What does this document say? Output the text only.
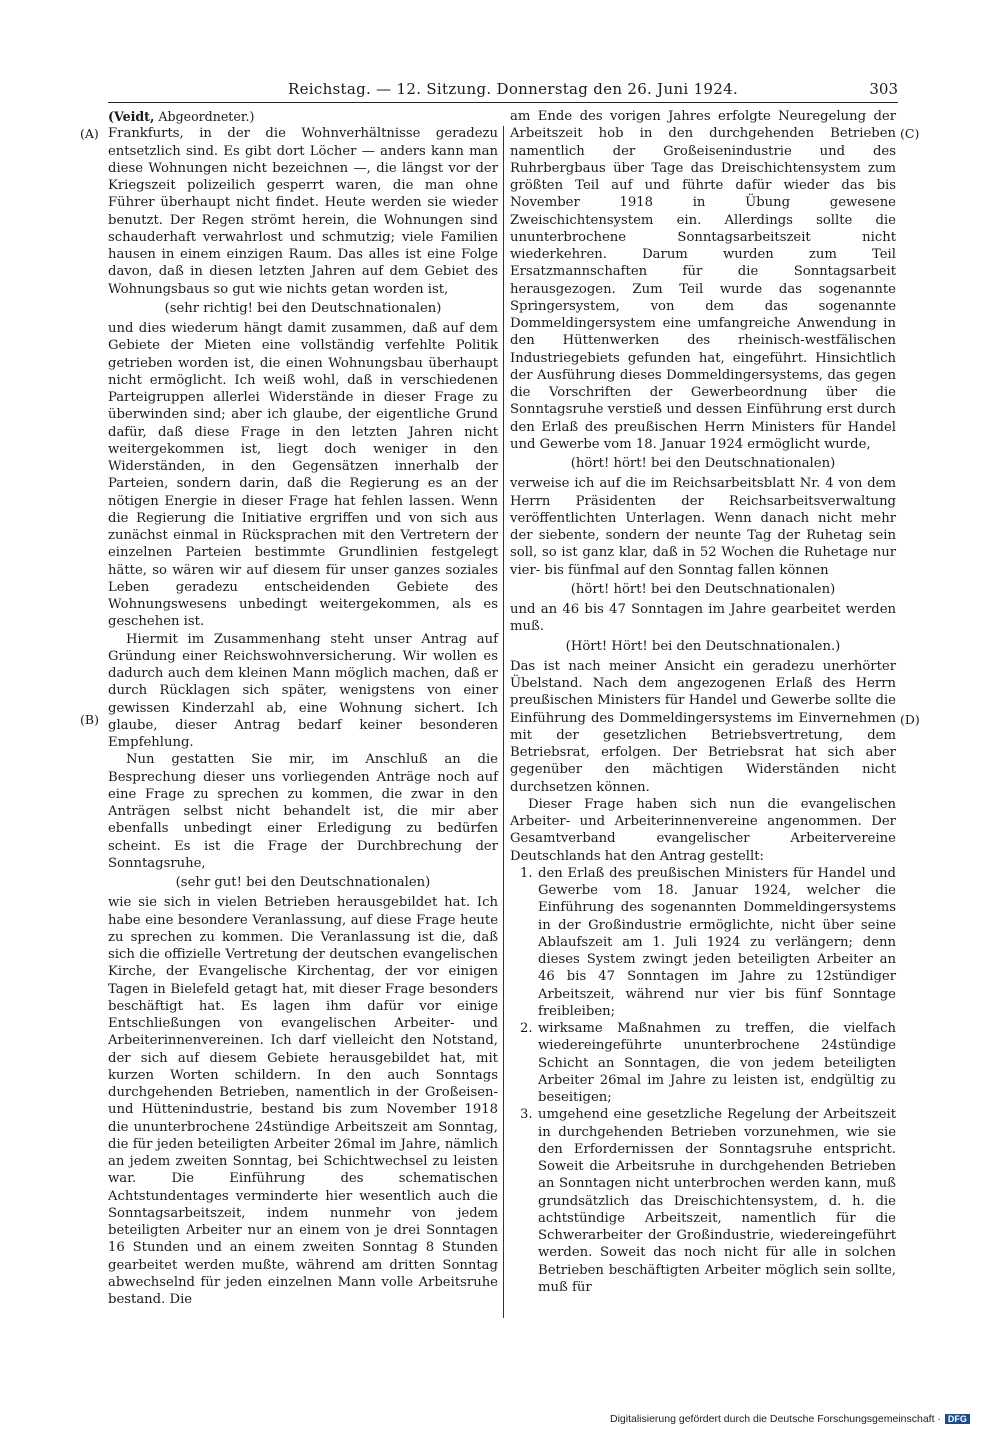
Reichstag. — 12. Sitzung. Donnerstag den 26. Juni 1924.	303
(A)
(B)
(C)
(D)

(Veidt, Abgeordneter.)

Frankfurts, in der die Wohnverhältnisse geradezu entsetzlich sind. Es gibt dort Löcher — anders kann man diese Wohnungen nicht bezeichnen —, die längst vor der Kriegszeit polizeilich gesperrt waren, die man ohne Führer überhaupt nicht findet. Heute werden sie wieder benutzt. Der Regen strömt herein, die Wohnungen sind schauderhaft verwahrlost und schmutzig; viele Familien hausen in einem einzigen Raum. Das alles ist eine Folge davon, daß in diesen letzten Jahren auf dem Gebiet des Wohnungsbaus so gut wie nichts getan worden ist,

(sehr richtig! bei den Deutschnationalen)

und dies wiederum hängt damit zusammen, daß auf dem Gebiete der Mieten eine vollständig verfehlte Politik getrieben worden ist, die einen Wohnungsbau überhaupt nicht ermöglicht. Ich weiß wohl, daß in verschiedenen Parteigruppen allerlei Widerstände in dieser Frage zu überwinden sind; aber ich glaube, der eigentliche Grund dafür, daß diese Frage in den letzten Jahren nicht weitergekommen ist, liegt doch weniger in den Widerständen, in den Gegensätzen innerhalb der Parteien, sondern darin, daß die Regierung es an der nötigen Energie in dieser Frage hat fehlen lassen. Wenn die Regierung die Initiative ergriffen und von sich aus zunächst einmal in Rücksprachen mit den Vertretern der einzelnen Parteien bestimmte Grundlinien festgelegt hätte, so wären wir auf diesem für unser ganzes soziales Leben geradezu entscheidenden Gebiete des Wohnungswesens unbedingt weitergekommen, als es geschehen ist.

Hiermit im Zusammenhang steht unser Antrag auf Gründung einer Reichswohnversicherung. Wir wollen es dadurch auch dem kleinen Mann möglich machen, daß er durch Rücklagen sich später, wenigstens von einer gewissen Kinderzahl ab, eine Wohnung sichert. Ich glaube, dieser Antrag bedarf keiner besonderen Empfehlung.

Nun gestatten Sie mir, im Anschluß an die Besprechung dieser uns vorliegenden Anträge noch auf eine Frage zu sprechen zu kommen, die zwar in den Anträgen selbst nicht behandelt ist, die mir aber ebenfalls unbedingt einer Erledigung zu bedürfen scheint. Es ist die Frage der Durchbrechung der Sonntagsruhe,

(sehr gut! bei den Deutschnationalen)

wie sie sich in vielen Betrieben herausgebildet hat. Ich habe eine besondere Veranlassung, auf diese Frage heute zu sprechen zu kommen. Die Veranlassung ist die, daß sich die offizielle Vertretung der deutschen evangelischen Kirche, der Evangelische Kirchentag, der vor einigen Tagen in Bielefeld getagt hat, mit dieser Frage besonders beschäftigt hat. Es lagen ihm dafür vor einige Entschließungen von evangelischen Arbeiter- und Arbeiterinnenvereinen. Ich darf vielleicht den Notstand, der sich auf diesem Gebiete herausgebildet hat, mit kurzen Worten schildern. In den auch Sonntags durchgehenden Betrieben, namentlich in der Großeisen- und Hüttenindustrie, bestand bis zum November 1918 die ununterbrochene 24stündige Arbeitszeit am Sonntag, die für jeden beteiligten Arbeiter 26mal im Jahre, nämlich an jedem zweiten Sonntag, bei Schichtwechsel zu leisten war. Die Einführung des schematischen Achtstundentages verminderte hier wesentlich auch die Sonntagsarbeitszeit, indem nunmehr von jedem beteiligten Arbeiter nur an einem von je drei Sonntagen 16 Stunden und an einem zweiten Sonntag 8 Stunden gearbeitet werden mußte, während am dritten Sonntag abwechselnd für jeden einzelnen Mann volle Arbeitsruhe bestand. Die

am Ende des vorigen Jahres erfolgte Neuregelung der Arbeitszeit hob in den durchgehenden Betrieben namentlich der Großeisenindustrie und des Ruhrbergbaus über Tage das Dreischichtensystem zum größten Teil auf und führte dafür wieder das bis November 1918 in Übung gewesene Zweischichtensystem ein. Allerdings sollte die ununterbrochene Sonntagsarbeitszeit nicht wiederkehren. Darum wurden zum Teil Ersatzmannschaften für die Sonntagsarbeit herausgezogen. Zum Teil wurde das sogenannte Springersystem, von dem das sogenannte Dommeldingersystem eine umfangreiche Anwendung in den Hüttenwerken des rheinisch-westfälischen Industriegebiets gefunden hat, eingeführt. Hinsichtlich der Ausführung dieses Dommeldingersystems, das gegen die Vorschriften der Gewerbeordnung über die Sonntagsruhe verstieß und dessen Einführung erst durch den Erlaß des preußischen Herrn Ministers für Handel und Gewerbe vom 18. Januar 1924 ermöglicht wurde,

(hört! hört! bei den Deutschnationalen)

verweise ich auf die im Reichsarbeitsblatt Nr. 4 von dem Herrn Präsidenten der Reichsarbeitsverwaltung veröffentlichten Unterlagen. Wenn danach nicht mehr der siebente, sondern der neunte Tag der Ruhetag sein soll, so ist ganz klar, daß in 52 Wochen die Ruhetage nur vier- bis fünfmal auf den Sonntag fallen können

(hört! hört! bei den Deutschnationalen)

und an 46 bis 47 Sonntagen im Jahre gearbeitet werden muß.

(Hört! Hört! bei den Deutschnationalen.)

Das ist nach meiner Ansicht ein geradezu unerhörter Übelstand. Nach dem angezogenen Erlaß des Herrn preußischen Ministers für Handel und Gewerbe sollte die Einführung des Dommeldingersystems im Einvernehmen mit der gesetzlichen Betriebsvertretung, dem Betriebsrat, erfolgen. Der Betriebsrat hat sich aber gegenüber den mächtigen Widerständen nicht durchsetzen können.

Dieser Frage haben sich nun die evangelischen Arbeiter- und Arbeiterinnenvereine angenommen. Der Gesamtverband evangelischer Arbeitervereine Deutschlands hat den Antrag gestellt:

1. den Erlaß des preußischen Ministers für Handel und Gewerbe vom 18. Januar 1924, welcher die Einführung des sogenannten Dommeldingersystems in der Großindustrie ermöglichte, nicht über seine Ablaufszeit am 1. Juli 1924 zu verlängern; denn dieses System zwingt jeden beteiligten Arbeiter an 46 bis 47 Sonntagen im Jahre zu 12stündiger Arbeitszeit, während nur vier bis fünf Sonntage freibleiben;
2. wirksame Maßnahmen zu treffen, die vielfach wiedereingeführte ununterbrochene 24stündige Schicht an Sonntagen, die von jedem beteiligten Arbeiter 26mal im Jahre zu leisten ist, endgültig zu beseitigen;
3. umgehend eine gesetzliche Regelung der Arbeitszeit in durchgehenden Betrieben vorzunehmen, wie sie den Erfordernissen der Sonntagsruhe entspricht. Soweit die Arbeitsruhe in durchgehenden Betrieben an Sonntagen nicht unterbrochen werden kann, muß grundsätzlich das Dreischichtensystem, d. h. die achtstündige Arbeitszeit, namentlich für die Schwerarbeiter der Großindustrie, wiedereingeführt werden. Soweit das noch nicht für alle in solchen Betrieben beschäftigten Arbeiter möglich sein sollte, muß für
Digitalisierung gefördert durch die Deutsche Forschungsgemeinschaft · DFG
